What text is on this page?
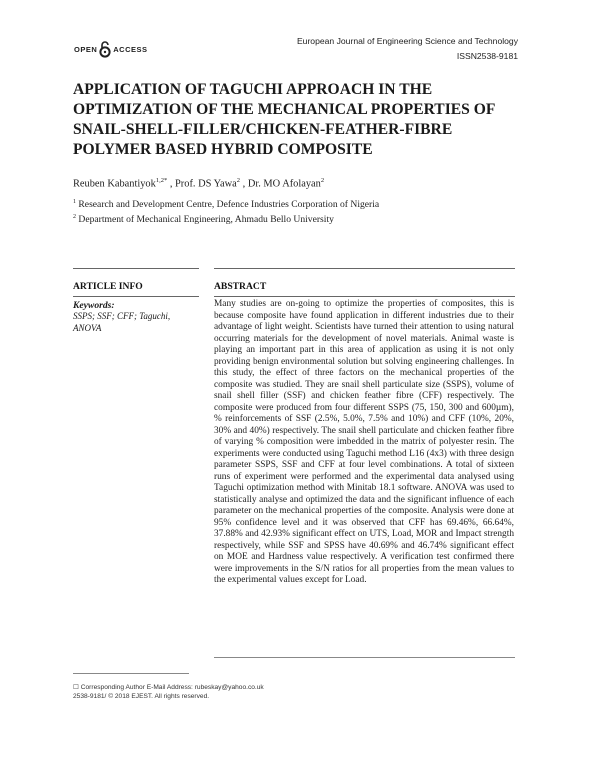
OPEN ACCESS
European Journal of Engineering Science and Technology
ISSN2538-9181
APPLICATION OF TAGUCHI APPROACH IN THE OPTIMIZATION OF THE MECHANICAL PROPERTIES OF SNAIL-SHELL-FILLER/CHICKEN-FEATHER-FIBRE POLYMER BASED HYBRID COMPOSITE
Reuben Kabantiyok$^{1,2*}$ , Prof. DS Yawa$^2$ , Dr. MO Afolayan$^2$
$^1$ Research and Development Centre, Defence Industries Corporation of Nigeria
$^2$ Department of Mechanical Engineering, Ahmadu Bello University
ARTICLE INFO	ABSTRACT
Keywords:
SSPS; SSF; CFF; Taguchi, ANOVA

Many studies are on-going to optimize the properties of composites, this is because composite have found application in different industries due to their advantage of light weight. Scientists have turned their attention to using natural occurring materials for the development of novel materials. Animal waste is playing an important part in this area of application as using it is not only providing benign environmental solution but solving engineering challenges. In this study, the effect of three factors on the mechanical properties of the composite was studied. They are snail shell particulate size (SSPS), volume of snail shell filler (SSF) and chicken feather fibre (CFF) respectively. The composite were produced from four different SSPS (75, 150, 300 and 600µm), % reinforcements of SSF (2.5%, 5.0%, 7.5% and 10%) and CFF (10%, 20%, 30% and 40%) respectively. The snail shell particulate and chicken feather fibre of varying % composition were imbedded in the matrix of polyester resin. The experiments were conducted using Taguchi method L16 (4x3) with three design parameter SSPS, SSF and CFF at four level combinations. A total of sixteen runs of experiment were performed and the experimental data analysed using Taguchi optimization method with Minitab 18.1 software. ANOVA was used to statistically analyse and optimized the data and the significant influence of each parameter on the mechanical properties of the composite. Analysis were done at 95% confidence level and it was observed that CFF has 69.46%, 66.64%, 37.88% and 42.93% significant effect on UTS, Load, MOR and Impact strength respectively, while SSF and SPSS have 40.69% and 46.74% significant effect on MOE and Hardness value respectively. A verification test confirmed there were improvements in the S/N ratios for all properties from the mean values to the experimental values except for Load.

☐ Corresponding Author E-Mail Address: rubeskay@yahoo.co.uk
2538-9181/ © 2018 EJEST. All rights reserved.
